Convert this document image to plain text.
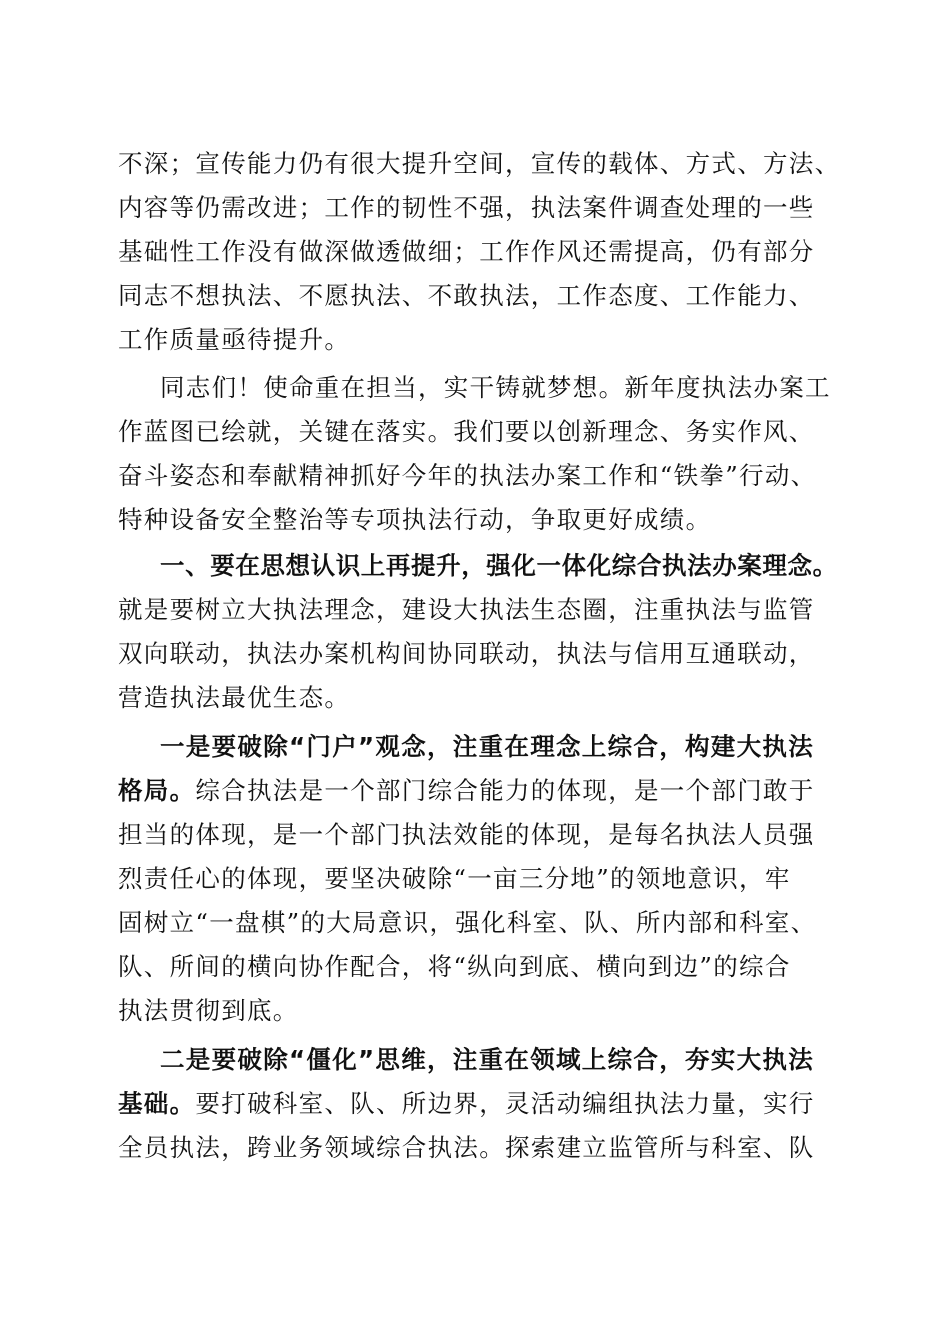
不深；宣传能力仍有很大提升空间，宣传的载体、方式、方法、
内容等仍需改进；工作的韧性不强，执法案件调查处理的一些
基础性工作没有做深做透做细；工作作风还需提高，仍有部分
同志不想执法、不愿执法、不敢执法，工作态度、工作能力、
工作质量亟待提升。
同志们！使命重在担当，实干铸就梦想。新年度执法办案工
作蓝图已绘就，关键在落实。我们要以创新理念、务实作风、
奋斗姿态和奉献精神抓好今年的执法办案工作和“铁拳”行动、
特种设备安全整治等专项执法行动，争取更好成绩。
一、要在思想认识上再提升，强化一体化综合执法办案理念。
就是要树立大执法理念，建设大执法生态圈，注重执法与监管
双向联动，执法办案机构间协同联动，执法与信用互通联动，
营造执法最优生态。
一是要破除“门户”观念，注重在理念上综合，构建大执法
格局。综合执法是一个部门综合能力的体现，是一个部门敢于
担当的体现，是一个部门执法效能的体现，是每名执法人员强
烈责任心的体现，要坚决破除“一亩三分地”的领地意识，牢
固树立“一盘棋”的大局意识，强化科室、队、所内部和科室、
队、所间的横向协作配合，将“纵向到底、横向到边”的综合
执法贯彻到底。
二是要破除“僵化”思维，注重在领域上综合，夯实大执法
基础。要打破科室、队、所边界，灵活动编组执法力量，实行
全员执法，跨业务领域综合执法。探索建立监管所与科室、队
